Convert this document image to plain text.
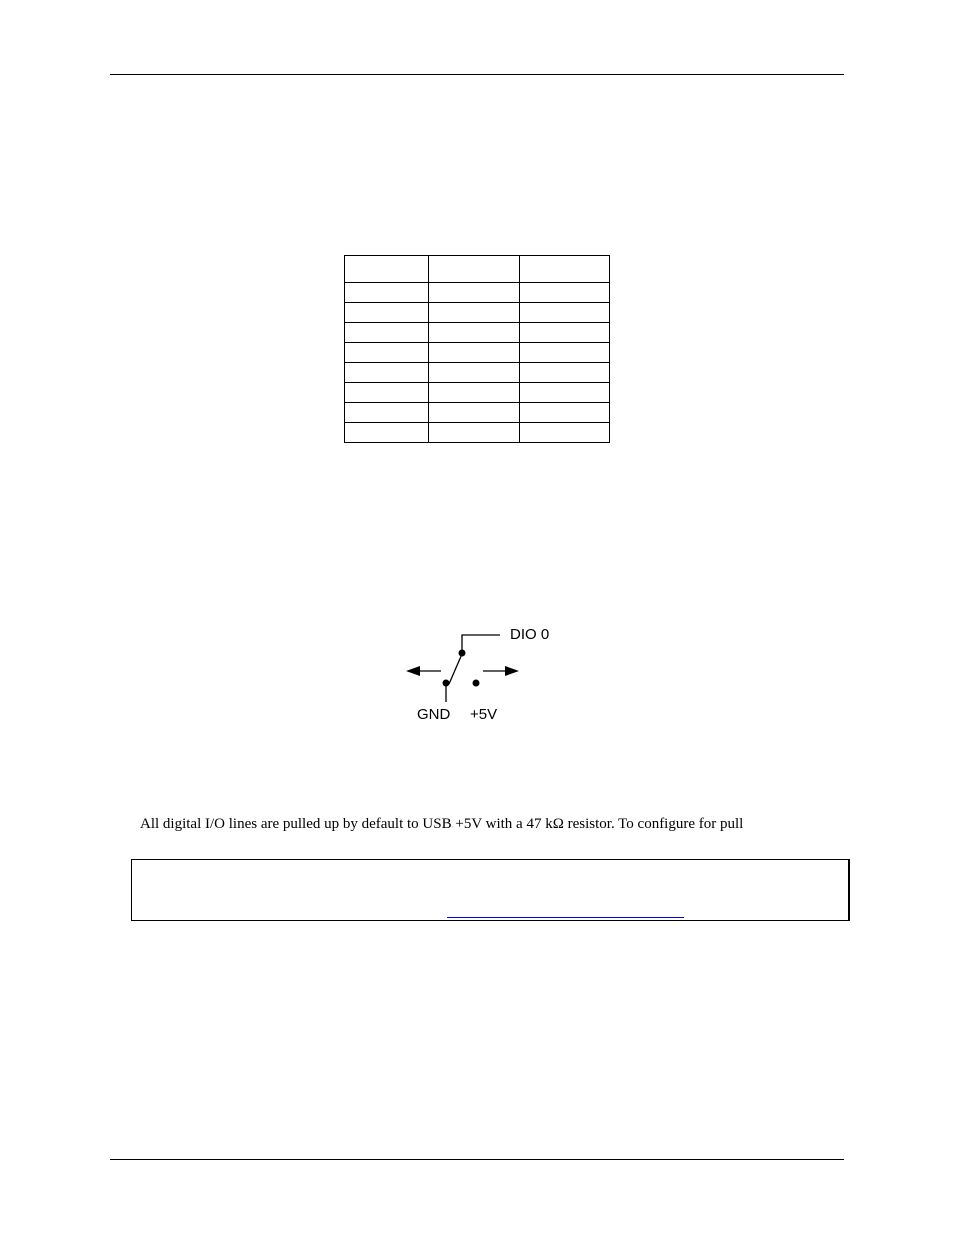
DIO 0
GND +5V

All digital I/O lines are pulled up by default to USB +5V with a 47 kΩ resistor. To configure for pull
